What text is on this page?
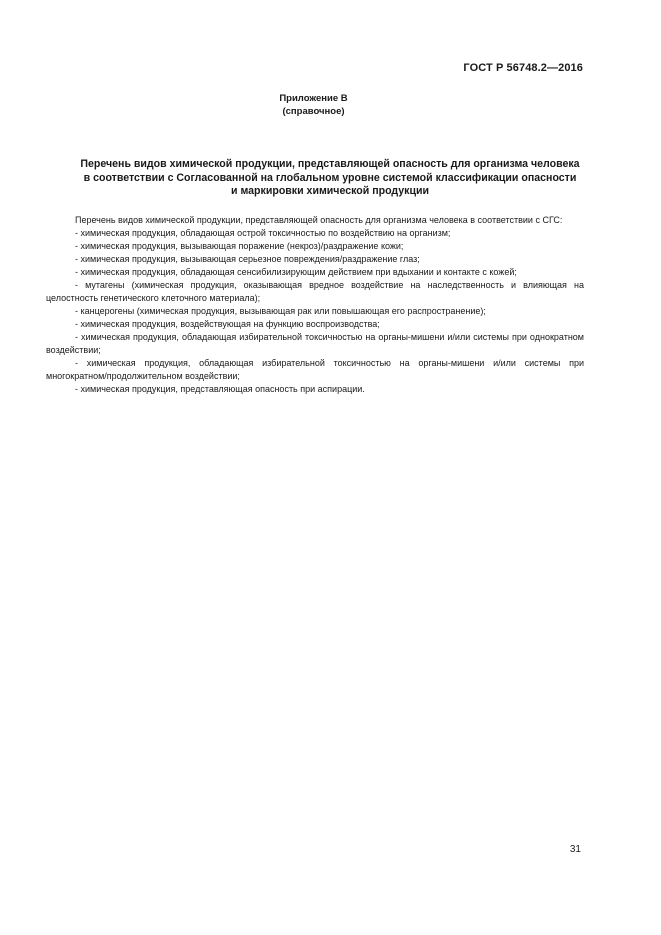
ГОСТ Р 56748.2—2016
Приложение В
(справочное)
Перечень видов химической продукции, представляющей опасность для организма человека
в соответствии с Согласованной на глобальном уровне системой классификации опасности
и маркировки химической продукции

Перечень видов химической продукции, представляющей опасность для организма человека в соответствии с СГС:

- химическая продукция, обладающая острой токсичностью по воздействию на организм;

- химическая продукция, вызывающая поражение (некроз)/раздражение кожи;

- химическая продукция, вызывающая серьезное повреждения/раздражение глаз;

- химическая продукция, обладающая сенсибилизирующим действием при вдыхании и контакте с кожей;

- мутагены (химическая продукция, оказывающая вредное воздействие на наследственность и влияющая на целостность генетического клеточного материала);

- канцерогены (химическая продукция, вызывающая рак или повышающая его распространение);

- химическая продукция, воздействующая на функцию воспроизводства;

- химическая продукция, обладающая избирательной токсичностью на органы-мишени и/или системы при однократном воздействии;

- химическая продукция, обладающая избирательной токсичностью на органы-мишени и/или системы при многократном/продолжительном воздействии;

- химическая продукция, представляющая опасность при аспирации.

31
